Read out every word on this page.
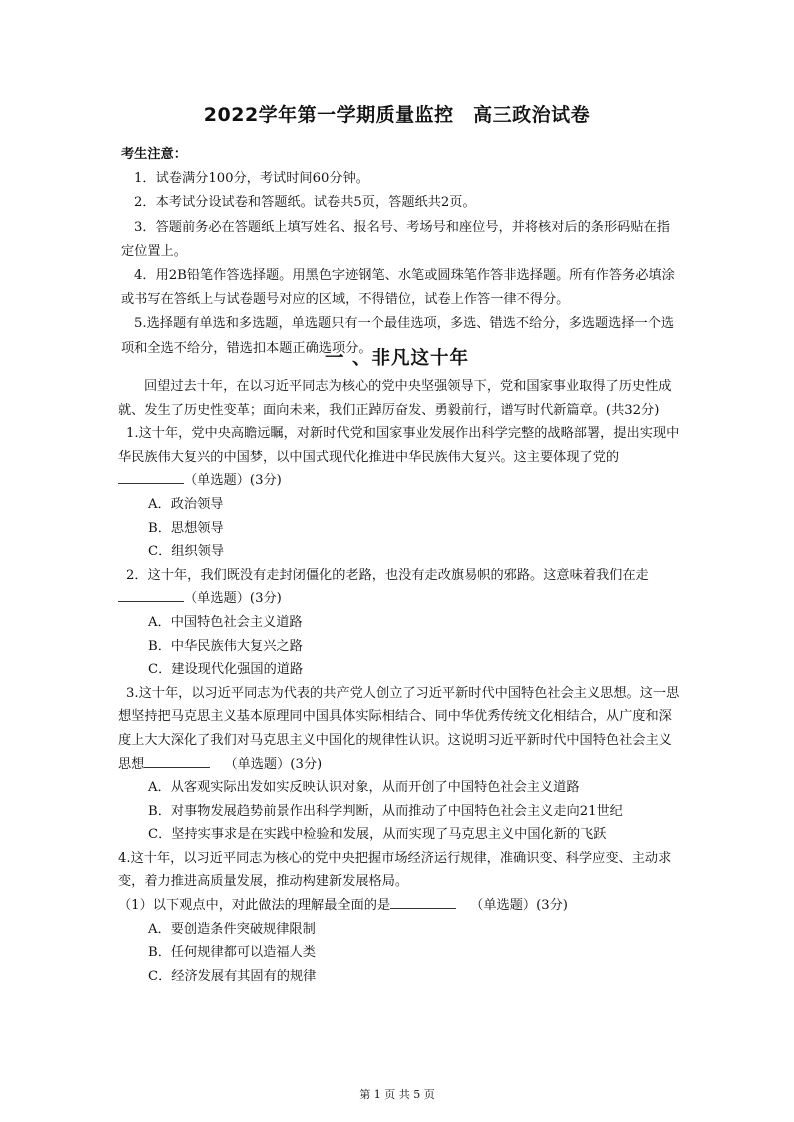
2022学年第一学期质量监控　高三政治试卷
考生注意：
1．试卷满分100分，考试时间60分钟。
2．本考试分设试卷和答题纸。试卷共5页，答题纸共2页。
3．答题前务必在答题纸上填写姓名、报名号、考场号和座位号，并将核对后的条形码贴在指定位置上。
4．用2B铅笔作答选择题。用黑色字迹钢笔、水笔或圆珠笔作答非选择题。所有作答务必填涂或书写在答纸上与试卷题号对应的区域，不得错位，试卷上作答一律不得分。
5.选择题有单选和多选题，单选题只有一个最佳选项，多选、错选不给分，多选题选择一个选项和全选不给分，错选扣本题正确选项分。
一 、非凡这十年

回望过去十年，在以习近平同志为核心的党中央坚强领导下，党和国家事业取得了历史性成就、发生了历史性变革；面向未来，我们正踔厉奋发、勇毅前行，谱写时代新篇章。(共32分)

1.这十年，党中央高瞻远瞩，对新时代党和国家事业发展作出科学完整的战略部署，提出实现中华民族伟大复兴的中国梦，以中国式现代化推进中华民族伟大复兴。这主要体现了党的（单选题）(3分)

A．政治领导
B．思想领导
C．组织领导

2．这十年，我们既没有走封闭僵化的老路，也没有走改旗易帜的邪路。这意味着我们在走（单选题）(3分)

A．中国特色社会主义道路
B．中华民族伟大复兴之路
C．建设现代化强国的道路

3.这十年，以习近平同志为代表的共产党人创立了习近平新时代中国特色社会主义思想。这一思想坚持把马克思主义基本原理同中国具体实际相结合、同中华优秀传统文化相结合，从广度和深度上大大深化了我们对马克思主义中国化的规律性认识。这说明习近平新时代中国特色社会主义思想	（单选题）(3分)

A．从客观实际出发如实反映认识对象，从而开创了中国特色社会主义道路
B．对事物发展趋势前景作出科学判断，从而推动了中国特色社会主义走向21世纪
C．坚持实事求是在实践中检验和发展，从而实现了马克思主义中国化新的飞跃

4.这十年，以习近平同志为核心的党中央把握市场经济运行规律，准确识变、科学应变、主动求变，着力推进高质量发展，推动构建新发展格局。

（1）以下观点中，对此做法的理解最全面的是	（单选题）(3分)

A．要创造条件突破规律限制
B．任何规律都可以造福人类
C．经济发展有其固有的规律
第 1 页 共 5 页
